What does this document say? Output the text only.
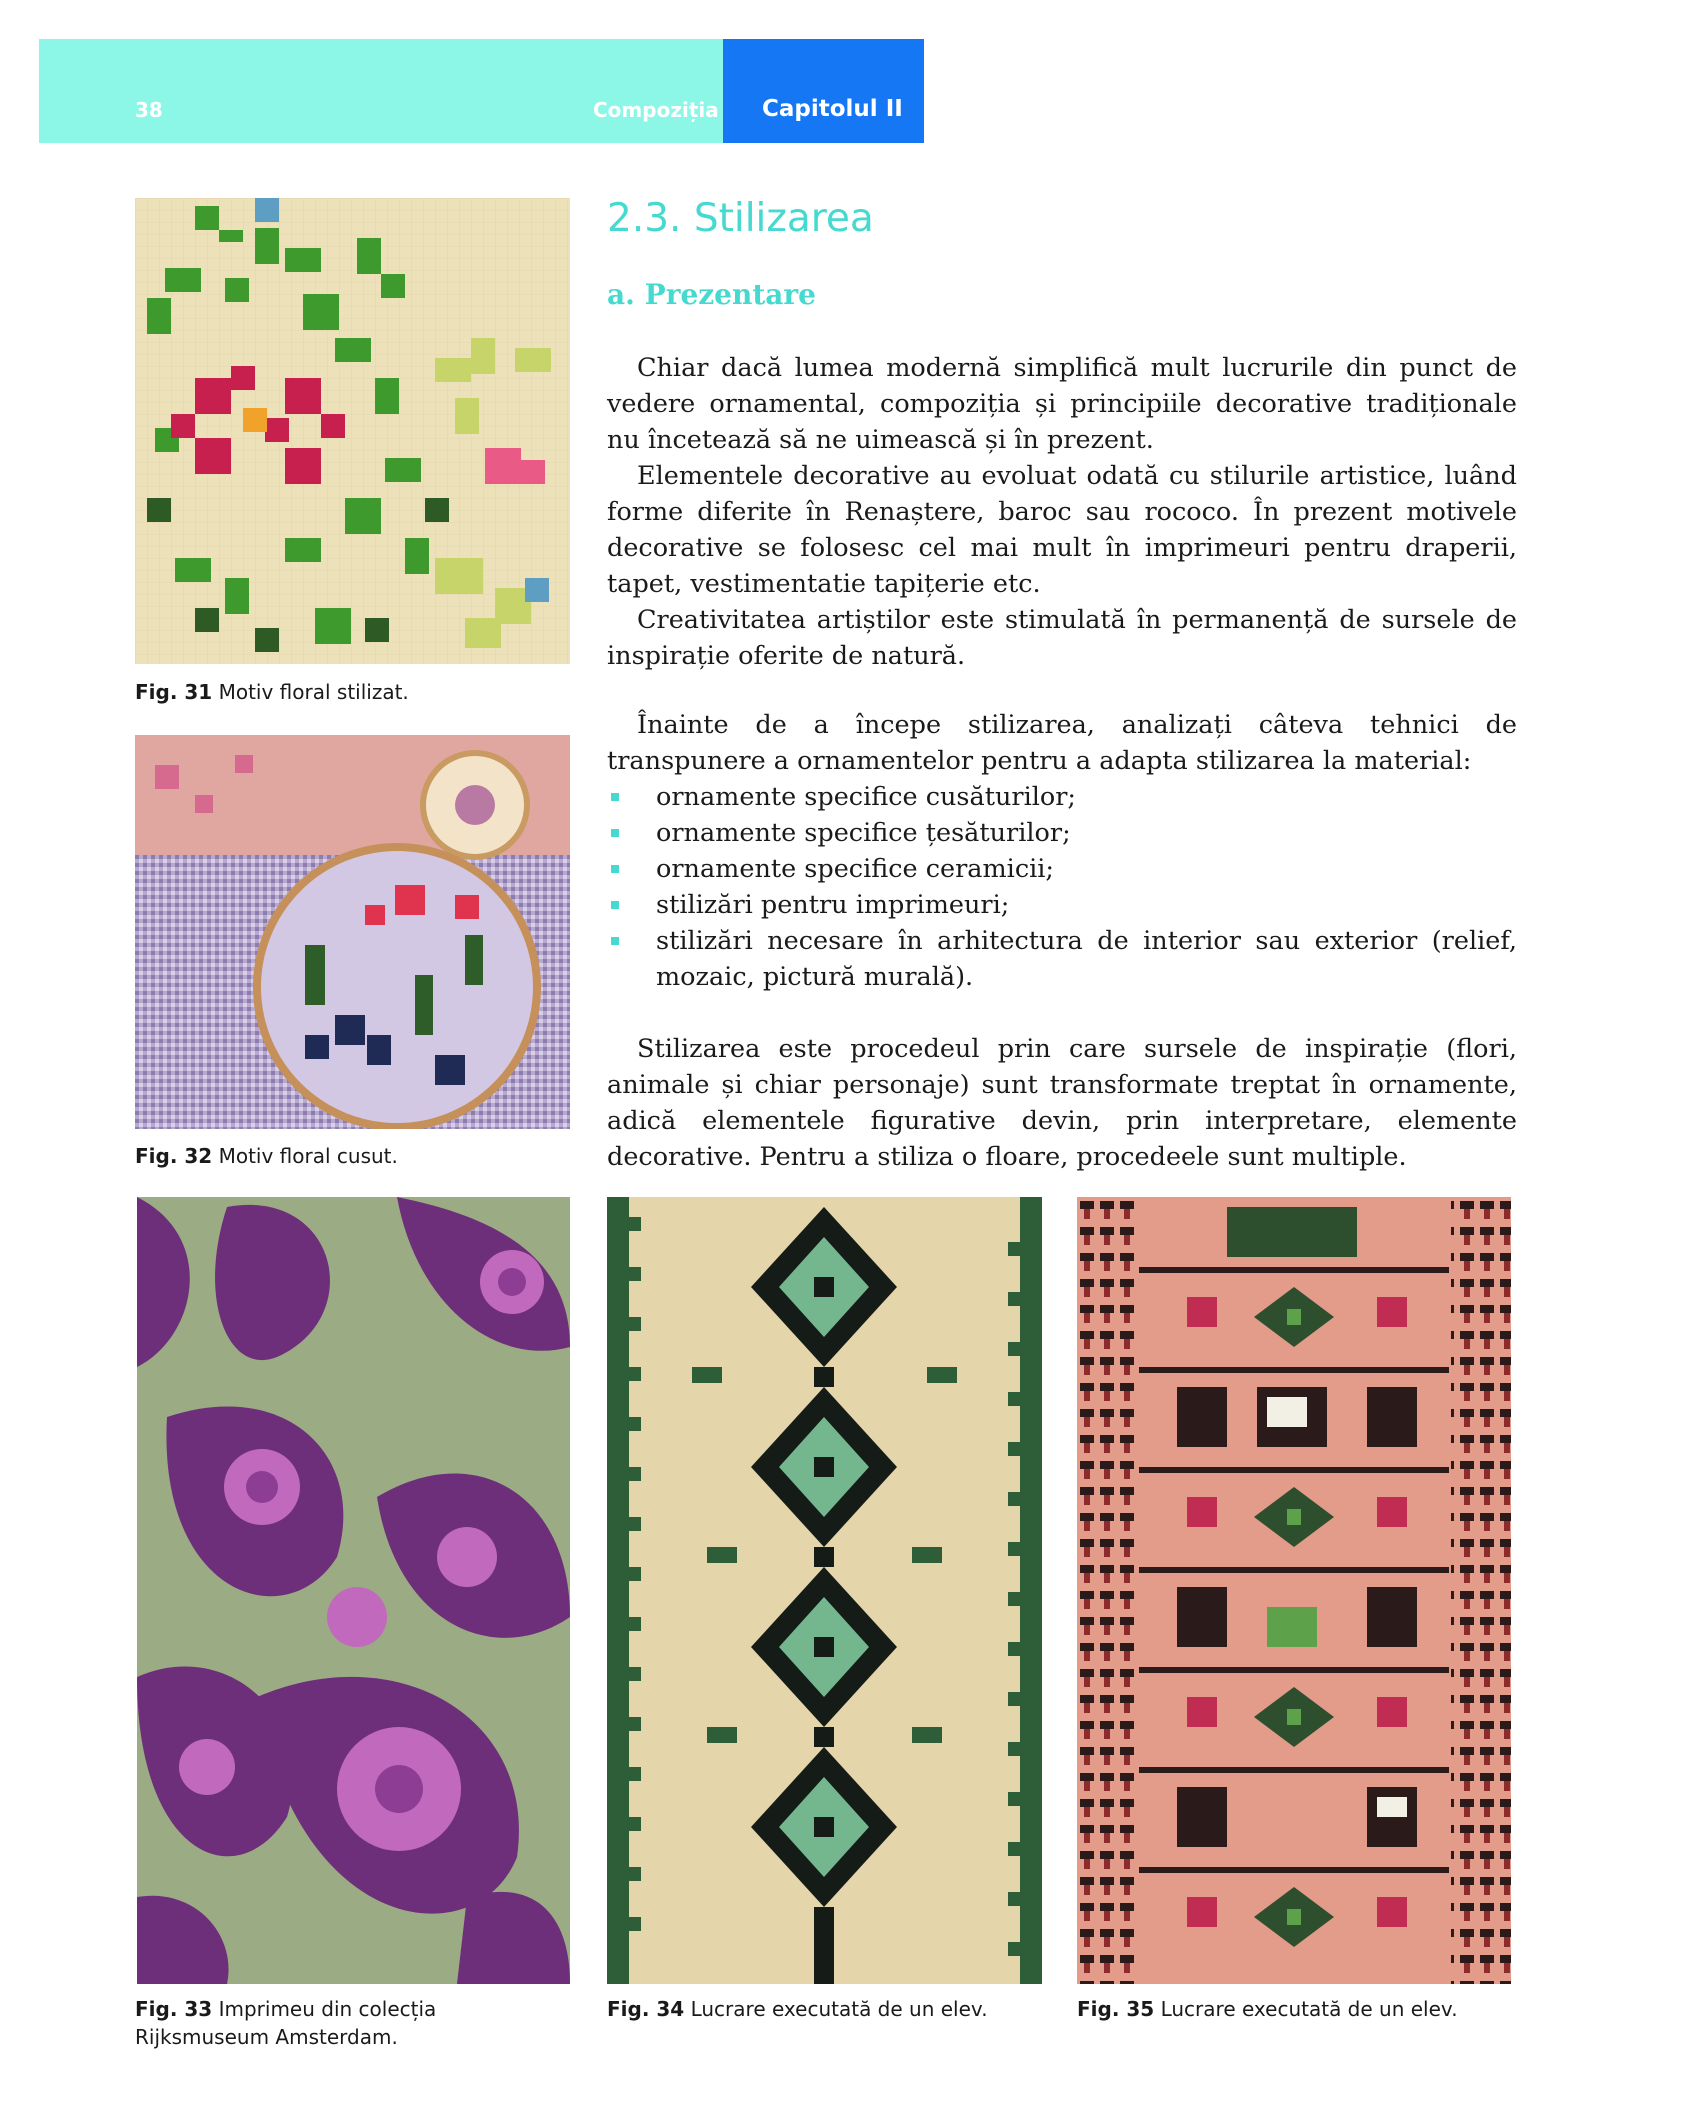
38	Compoziția Capitolul II
2.3. Stilizarea
a. Prezentare

Chiar dacă lumea modernă simplifică mult lucrurile din punct de vedere ornamental, compoziția și principiile decorative tradiționale nu încetează să ne uimească și în prezent.

Elementele decorative au evoluat odată cu stilurile artistice, luând forme diferite în Renaștere, baroc sau rococo. În prezent motivele decorative se folosesc cel mai mult în imprimeuri pentru draperii, tapet, vestimentatie tapițerie etc.

Creativitatea artiștilor este stimulată în permanență de sursele de inspirație oferite de natură.

Înainte de a începe stilizarea, analizați câteva tehnici de transpunere a ornamentelor pentru a adapta stilizarea la material:

ornamente specifice cusăturilor;
ornamente specifice țesăturilor;
ornamente specifice ceramicii;
stilizări pentru imprimeuri;
stilizări necesare în arhitectura de interior sau exterior (relief, mozaic, pictură murală).

Stilizarea este procedeul prin care sursele de inspirație (flori, animale și chiar personaje) sunt transformate treptat în ornamente, adică elementele figurative devin, prin interpretare, elemente decorative. Pentru a stiliza o floare, procedeele sunt multiple.

Fig. 31 Motiv floral stilizat.
Fig. 32 Motiv floral cusut.
Fig. 33 Imprimeu din colecția Rijksmuseum Amsterdam.
Fig. 34 Lucrare executată de un elev.	Fig. 35 Lucrare executată de un elev.
